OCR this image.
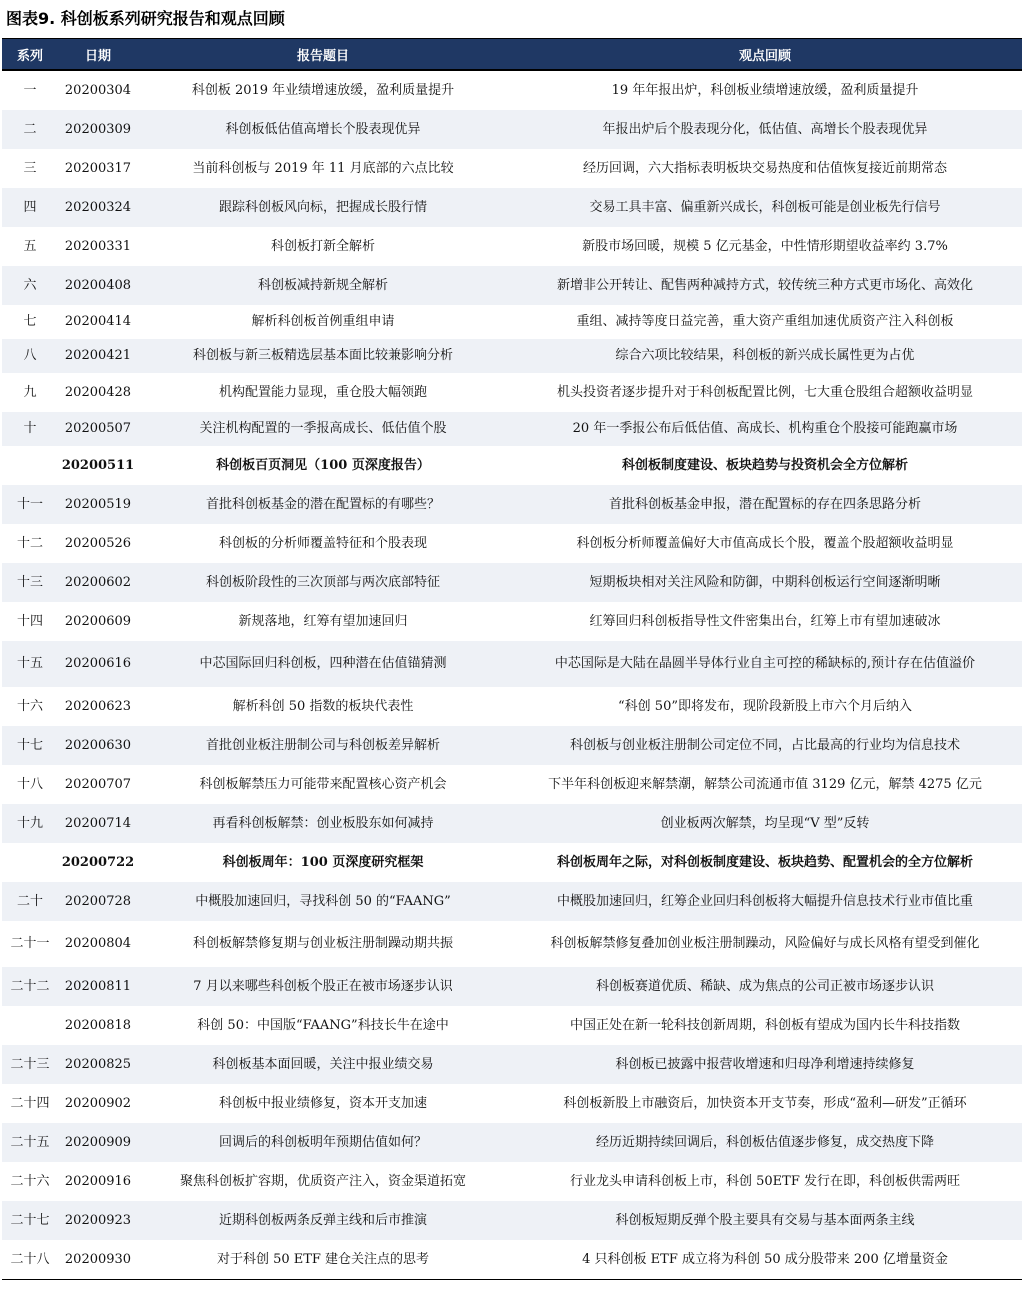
图表9. 科创板系列研究报告和观点回顾
系列	日期	报告题目	观点回顾
一	20200304	科创板 2019 年业绩增速放缓，盈利质量提升	19 年年报出炉，科创板业绩增速放缓，盈利质量提升
二	20200309	科创板低估值高增长个股表现优异	年报出炉后个股表现分化，低估值、高增长个股表现优异
三	20200317	当前科创板与 2019 年 11 月底部的六点比较	经历回调，六大指标表明板块交易热度和估值恢复接近前期常态
四	20200324	跟踪科创板风向标，把握成长股行情	交易工具丰富、偏重新兴成长，科创板可能是创业板先行信号
五	20200331	科创板打新全解析	新股市场回暖，规模 5 亿元基金，中性情形期望收益率约 3.7%
六	20200408	科创板减持新规全解析	新增非公开转让、配售两种减持方式，较传统三种方式更市场化、高效化
七	20200414	解析科创板首例重组申请	重组、减持等度日益完善，重大资产重组加速优质资产注入科创板
八	20200421	科创板与新三板精选层基本面比较兼影响分析	综合六项比较结果，科创板的新兴成长属性更为占优
九	20200428	机构配置能力显现，重仓股大幅领跑	机头投资者逐步提升对于科创板配置比例，七大重仓股组合超额收益明显
十	20200507	关注机构配置的一季报高成长、低估值个股	20 年一季报公布后低估值、高成长、机构重仓个股接可能跑赢市场
	20200511	科创板百页洞见（100 页深度报告）	科创板制度建设、板块趋势与投资机会全方位解析
十一	20200519	首批科创板基金的潜在配置标的有哪些？	首批科创板基金申报，潜在配置标的存在四条思路分析
十二	20200526	科创板的分析师覆盖特征和个股表现	科创板分析师覆盖偏好大市值高成长个股，覆盖个股超额收益明显
十三	20200602	科创板阶段性的三次顶部与两次底部特征	短期板块相对关注风险和防御，中期科创板运行空间逐渐明晰
十四	20200609	新规落地，红筹有望加速回归	红筹回归科创板指导性文件密集出台，红筹上市有望加速破冰
十五	20200616	中芯国际回归科创板，四种潜在估值锚猜测	中芯国际是大陆在晶圆半导体行业自主可控的稀缺标的,预计存在估值溢价
十六	20200623	解析科创 50 指数的板块代表性	“科创 50”即将发布，现阶段新股上市六个月后纳入
十七	20200630	首批创业板注册制公司与科创板差异解析	科创板与创业板注册制公司定位不同，占比最高的行业均为信息技术
十八	20200707	科创板解禁压力可能带来配置核心资产机会	下半年科创板迎来解禁潮，解禁公司流通市值 3129 亿元，解禁 4275 亿元
十九	20200714	再看科创板解禁：创业板股东如何减持	创业板两次解禁，均呈现“V 型”反转
	20200722	科创板周年：100 页深度研究框架	科创板周年之际，对科创板制度建设、板块趋势、配置机会的全方位解析
二十	20200728	中概股加速回归，寻找科创 50 的“FAANG”	中概股加速回归，红筹企业回归科创板将大幅提升信息技术行业市值比重
二十一	20200804	科创板解禁修复期与创业板注册制躁动期共振	科创板解禁修复叠加创业板注册制躁动，风险偏好与成长风格有望受到催化
二十二	20200811	7 月以来哪些科创板个股正在被市场逐步认识	科创板赛道优质、稀缺、成为焦点的公司正被市场逐步认识
	20200818	科创 50：中国版“FAANG”科技长牛在途中	中国正处在新一轮科技创新周期，科创板有望成为国内长牛科技指数
二十三	20200825	科创板基本面回暖，关注中报业绩交易	科创板已披露中报营收增速和归母净利增速持续修复
二十四	20200902	科创板中报业绩修复，资本开支加速	科创板新股上市融资后，加快资本开支节奏，形成“盈利—研发”正循环
二十五	20200909	回调后的科创板明年预期估值如何？	经历近期持续回调后，科创板估值逐步修复，成交热度下降
二十六	20200916	聚焦科创板扩容期，优质资产注入，资金渠道拓宽	行业龙头申请科创板上市，科创 50ETF 发行在即，科创板供需两旺
二十七	20200923	近期科创板两条反弹主线和后市推演	科创板短期反弹个股主要具有交易与基本面两条主线
二十八	20200930	对于科创 50 ETF 建仓关注点的思考	4 只科创板 ETF 成立将为科创 50 成分股带来 200 亿增量资金
